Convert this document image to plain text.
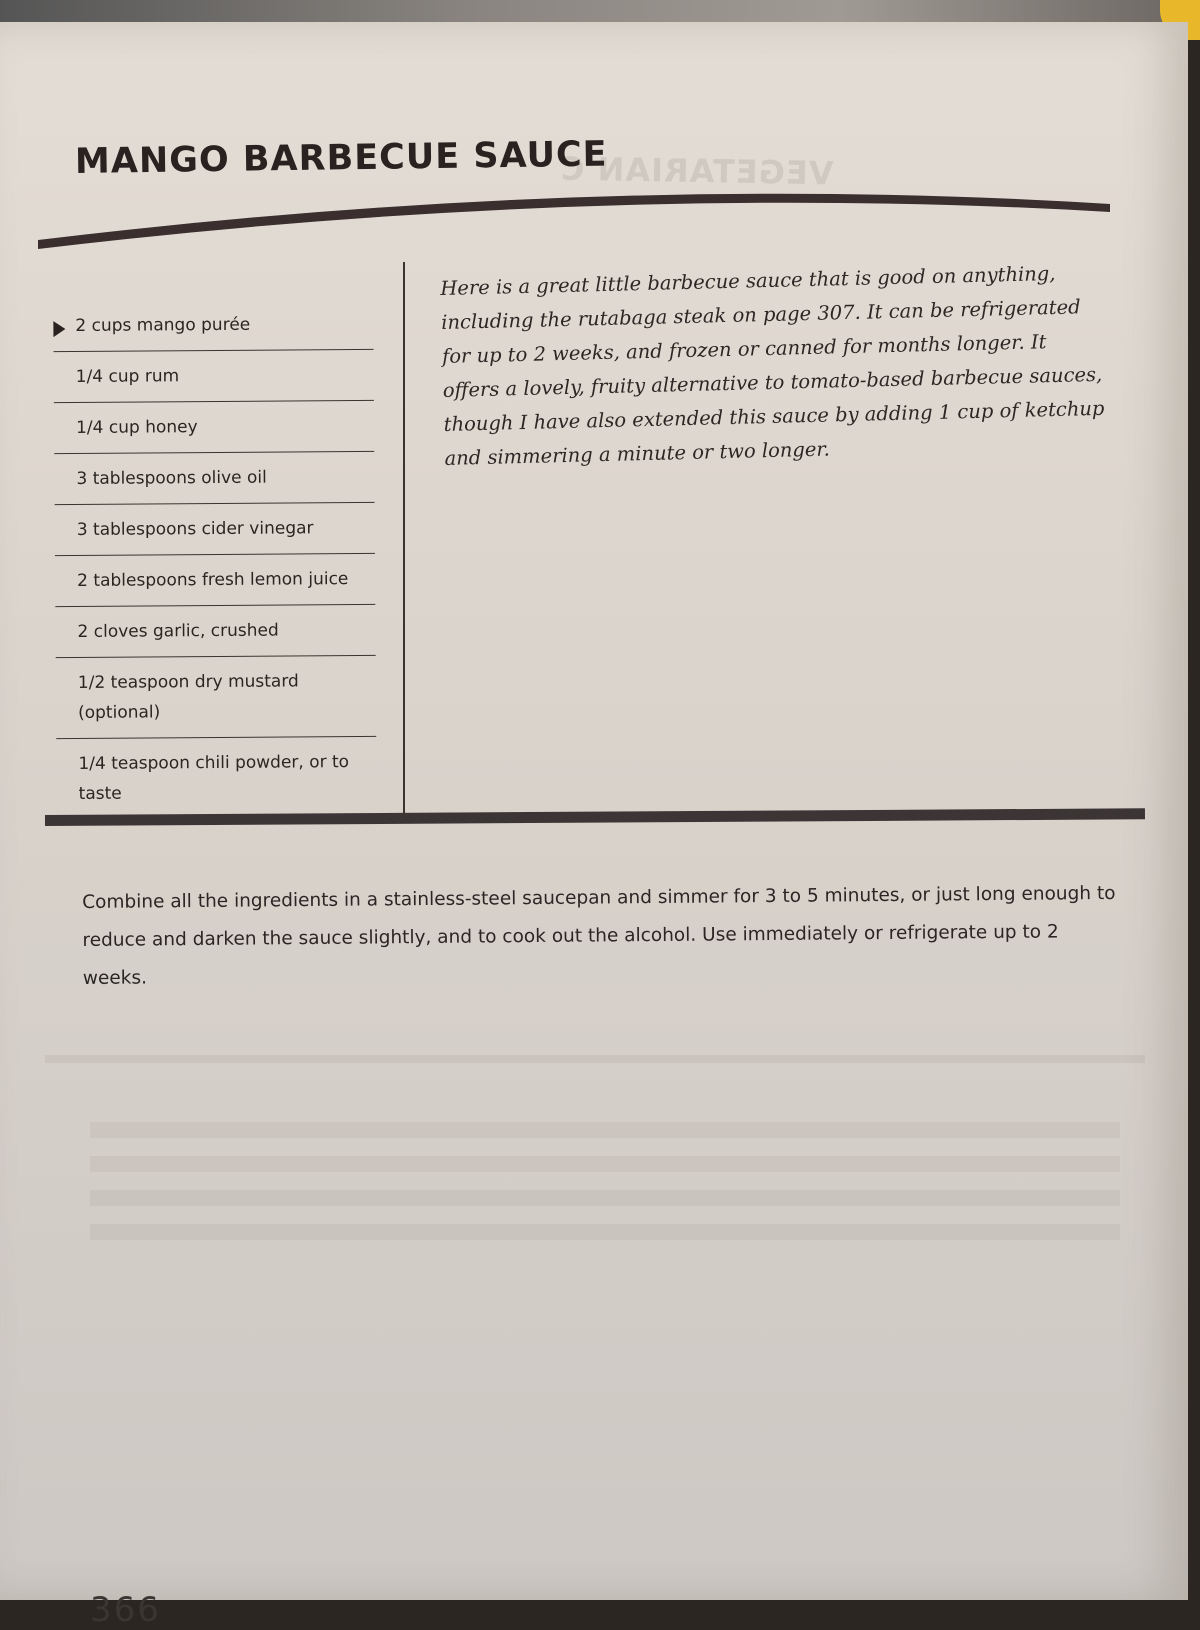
VEGETARIAN C
MANGO BARBECUE SAUCE
2 cups mango purée
1/4 cup rum
1/4 cup honey
3 tablespoons olive oil
3 tablespoons cider vinegar
2 tablespoons fresh lemon juice
2 cloves garlic, crushed
1/2 teaspoon dry mustard (optional)
1/4 teaspoon chili powder, or to taste

Here is a great little barbecue sauce that is good on anything, including the rutabaga steak on page 307. It can be refrigerated for up to 2 weeks, and frozen or canned for months longer. It offers a lovely, fruity alternative to tomato-based barbecue sauces, though I have also extended this sauce by adding 1 cup of ketchup and simmering a minute or two longer.

Combine all the ingredients in a stainless-steel saucepan and simmer for 3 to 5 minutes, or just long enough to reduce and darken the sauce slightly, and to cook out the alcohol. Use immediately or refrigerate up to 2 weeks.

366
